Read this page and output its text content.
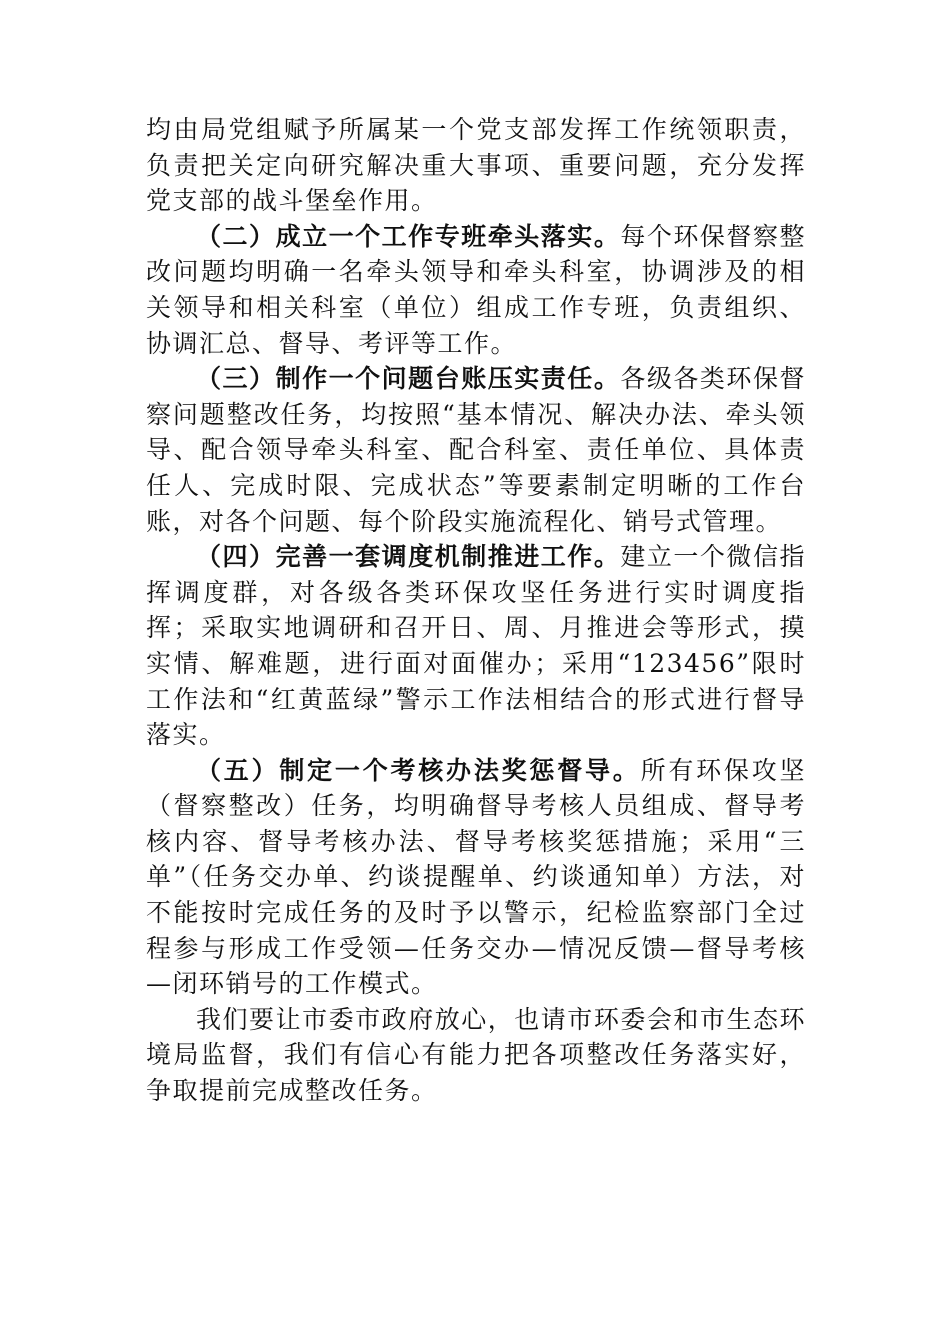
均由局党组赋予所属某一个党支部发挥工作统领职责，负责把关定向研究解决重大事项、重要问题，充分发挥党支部的战斗堡垒作用。

（二）成立一个工作专班牵头落实。每个环保督察整改问题均明确一名牵头领导和牵头科室，协调涉及的相关领导和相关科室（单位）组成工作专班，负责组织、协调汇总、督导、考评等工作。

（三）制作一个问题台账压实责任。各级各类环保督察问题整改任务，均按照“基本情况、解决办法、牵头领导、配合领导牵头科室、配合科室、责任单位、具体责任人、完成时限、完成状态”等要素制定明晰的工作台账，对各个问题、每个阶段实施流程化、销号式管理。

（四）完善一套调度机制推进工作。建立一个微信指挥调度群，对各级各类环保攻坚任务进行实时调度指挥；采取实地调研和召开日、周、月推进会等形式，摸实情、解难题，进行面对面催办；采用“123456”限时工作法和“红黄蓝绿”警示工作法相结合的形式进行督导落实。

（五）制定一个考核办法奖惩督导。所有环保攻坚（督察整改）任务，均明确督导考核人员组成、督导考核内容、督导考核办法、督导考核奖惩措施；采用“三单”（任务交办单、约谈提醒单、约谈通知单）方法，对不能按时完成任务的及时予以警示，纪检监察部门全过程参与形成工作受领—任务交办—情况反馈—督导考核—闭环销号的工作模式。

我们要让市委市政府放心，也请市环委会和市生态环境局监督，我们有信心有能力把各项整改任务落实好，争取提前完成整改任务。
